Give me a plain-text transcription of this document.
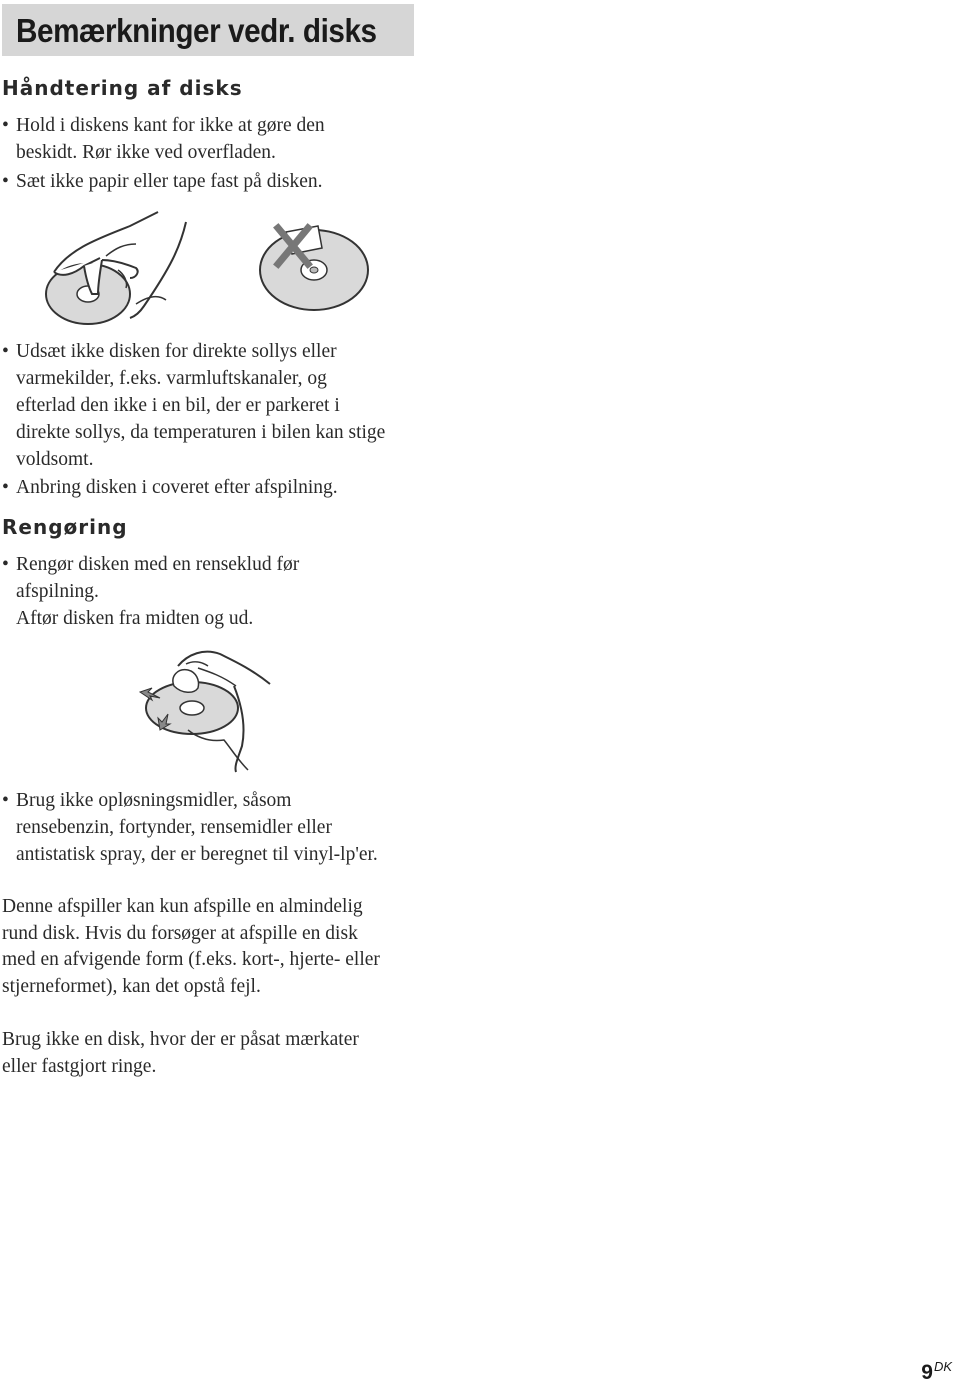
Bemærkninger vedr. disks
Håndtering af disks
• Hold i diskens kant for ikke at gøre den
beskidt. Rør ikke ved overfladen.
• Sæt ikke papir eller tape fast på disken.
• Udsæt ikke disken for direkte sollys eller
varmekilder, f.eks. varmluftskanaler, og
efterlad den ikke i en bil, der er parkeret i
direkte sollys, da temperaturen i bilen kan stige
voldsomt.
• Anbring disken i coveret efter afspilning.
Rengøring
• Rengør disken med en renseklud før
afspilning.
Aftør disken fra midten og ud.
• Brug ikke opløsningsmidler, såsom
rensebenzin, fortynder, rensemidler eller
antistatisk spray, der er beregnet til vinyl-lp'er.
Denne afspiller kan kun afspille en almindelig
rund disk. Hvis du forsøger at afspille en disk
med en afvigende form (f.eks. kort-, hjerte- eller
stjerneformet), kan det opstå fejl.
Brug ikke en disk, hvor der er påsat mærkater
eller fastgjort ringe.
$9^{DK}$
